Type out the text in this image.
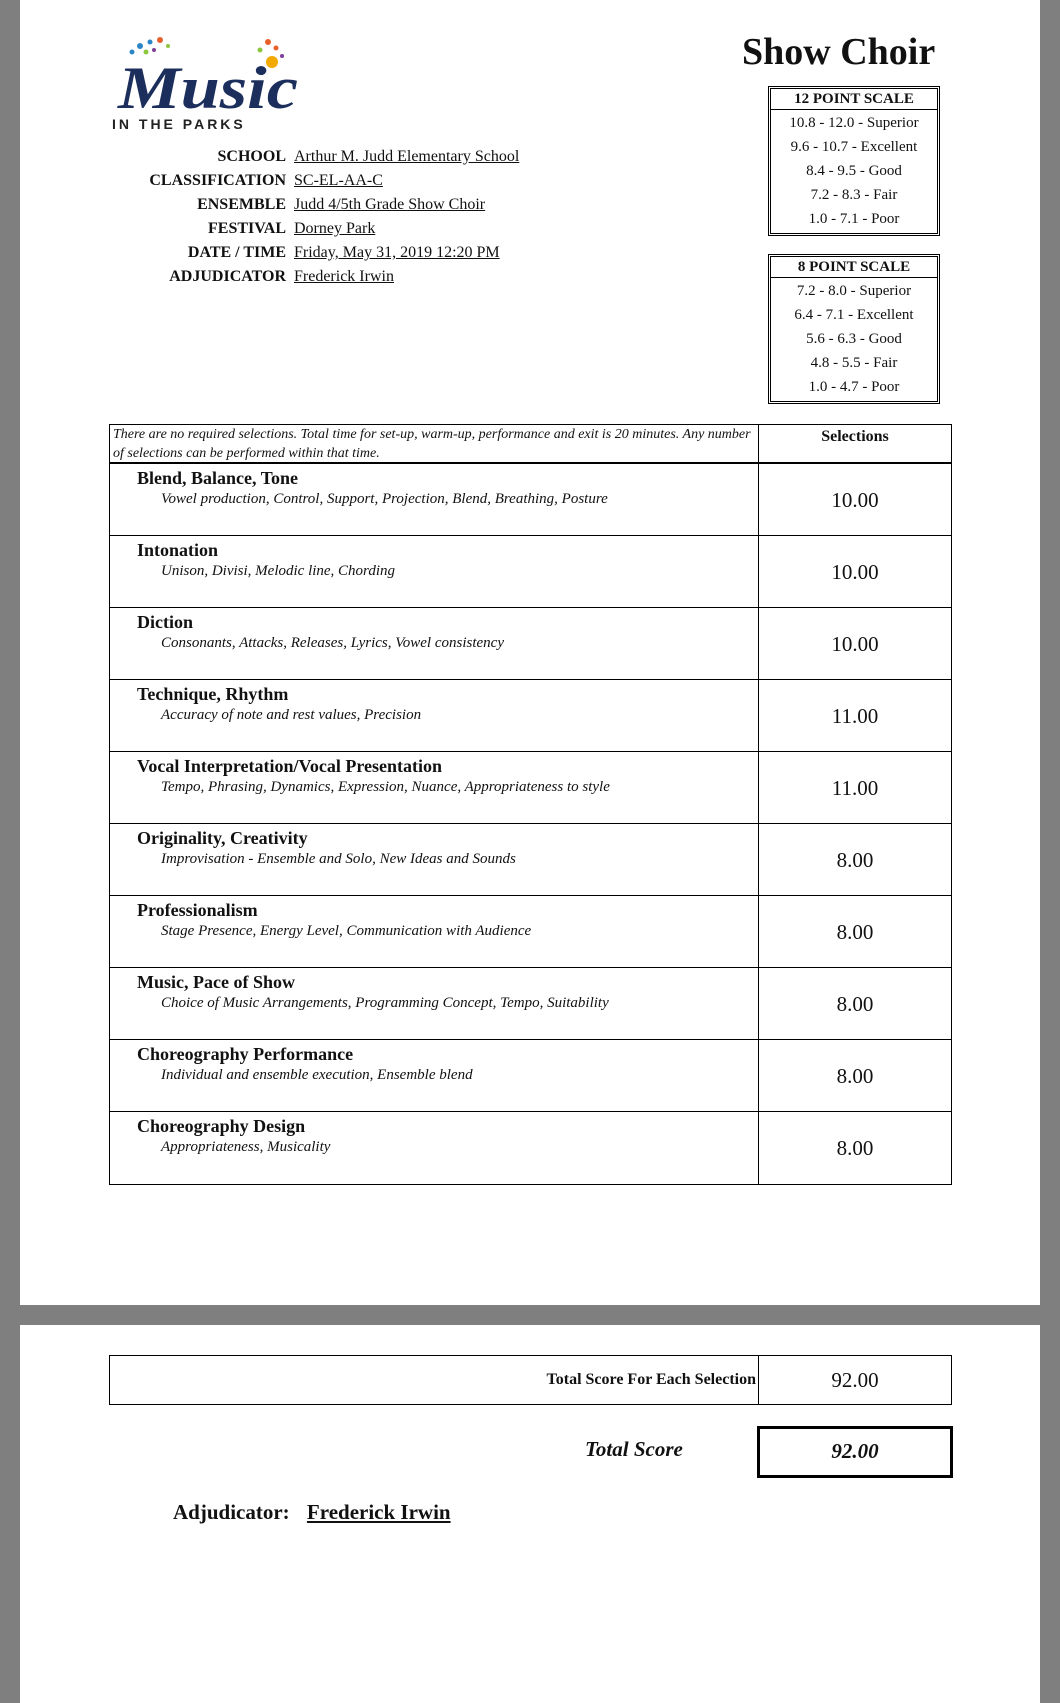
Music
IN THE PARKS
Show Choir
SCHOOL Arthur M. Judd Elementary School
CLASSIFICATION SC-EL-AA-C
ENSEMBLE Judd 4/5th Grade Show Choir
FESTIVAL Dorney Park
DATE / TIME Friday, May 31, 2019 12:20 PM
ADJUDICATOR Frederick Irwin
12 POINT SCALE
10.8 - 12.0 - Superior
9.6 - 10.7 - Excellent
8.4 - 9.5 - Good
7.2 - 8.3 - Fair
1.0 - 7.1 - Poor
8 POINT SCALE
7.2 - 8.0 - Superior
6.4 - 7.1 - Excellent
5.6 - 6.3 - Good
4.8 - 5.5 - Fair
1.0 - 4.7 - Poor
There are no required selections. Total time for set-up, warm-up, performance and exit is 20 minutes. Any number of selections can be performed within that time.
Selections
Blend, Balance, Tone
Vowel production, Control, Support, Projection, Blend, Breathing, Posture	10.00
Intonation
Unison, Divisi, Melodic line, Chording	10.00
Diction
Consonants, Attacks, Releases, Lyrics, Vowel consistency	10.00
Technique, Rhythm
Accuracy of note and rest values, Precision	11.00
Vocal Interpretation/Vocal Presentation
Tempo, Phrasing, Dynamics, Expression, Nuance, Appropriateness to style	11.00
Originality, Creativity
Improvisation - Ensemble and Solo, New Ideas and Sounds	8.00
Professionalism
Stage Presence, Energy Level, Communication with Audience	8.00
Music, Pace of Show
Choice of Music Arrangements, Programming Concept, Tempo, Suitability	8.00
Choreography Performance
Individual and ensemble execution, Ensemble blend	8.00
Choreography Design
Appropriateness, Musicality	8.00
Total Score For Each Selection	92.00
Total Score	92.00
Adjudicator: Frederick Irwin
